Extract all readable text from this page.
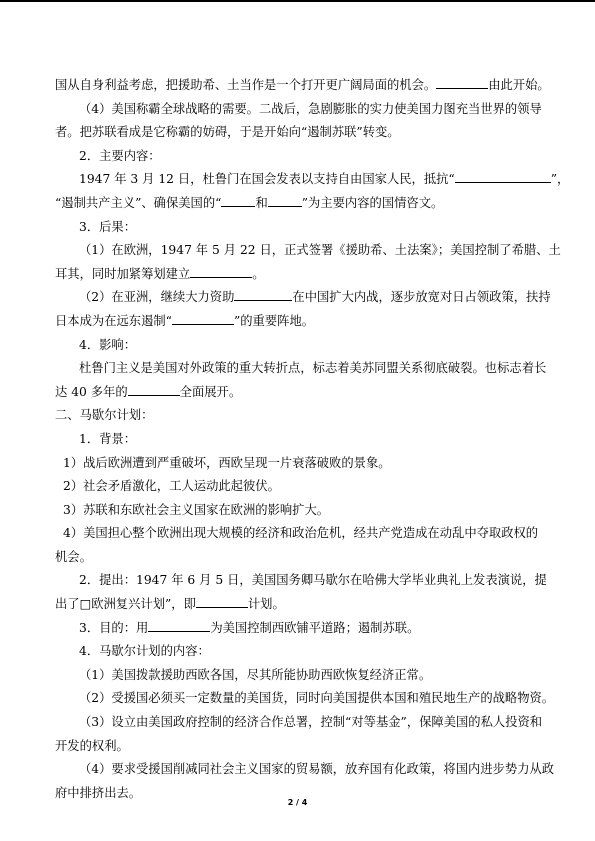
国从自身利益考虑，把援助希、土当作是一个打开更广阔局面的机会。	由此开始。

（4）美国称霸全球战略的需要。二战后，急剧膨胀的实力使美国力图充当世界的领导

者。把苏联看成是它称霸的妨碍，于是开始向“遏制苏联”转变。

2．主要内容：

1947 年 3 月 12 日，杜鲁门在国会发表以支持自由国家人民，抵抗“	”，

“遏制共产主义”、确保美国的“	和	”为主要内容的国情咨文。

3．后果：

（1）在欧洲，1947 年 5 月 22 日，正式签署《援助希、土法案》；美国控制了希腊、土

耳其，同时加紧筹划建立	。

（2）在亚洲，继续大力资助	在中国扩大内战，逐步放宽对日占领政策，扶持

日本成为在远东遏制“	”的重要阵地。

4．影响：

杜鲁门主义是美国对外政策的重大转折点，标志着美苏同盟关系彻底破裂。也标志着长

达 40 多年的	全面展开。

二、马歇尔计划：

1．背景：

1）战后欧洲遭到严重破坏，西欧呈现一片衰落破败的景象。

2）社会矛盾激化，工人运动此起彼伏。

3）苏联和东欧社会主义国家在欧洲的影响扩大。

4）美国担心整个欧洲出现大规模的经济和政治危机，经共产党造成在动乱中夺取政权的

机会。

2．提出：1947 年 6 月 5 日，美国国务卿马歇尔在哈佛大学毕业典礼上发表演说，提

出了□欧洲复兴计划”，即	计划。

3．目的：用	为美国控制西欧铺平道路；遏制苏联。

4．马歇尔计划的内容：

（1）美国拨款援助西欧各国，尽其所能协助西欧恢复经济正常。

（2）受援国必须买一定数量的美国货，同时向美国提供本国和殖民地生产的战略物资。

（3）设立由美国政府控制的经济合作总署，控制“对等基金”，保障美国的私人投资和

开发的权利。

（4）要求受援国削减同社会主义国家的贸易额，放弃国有化政策，将国内进步势力从政

府中排挤出去。

2 / 4
